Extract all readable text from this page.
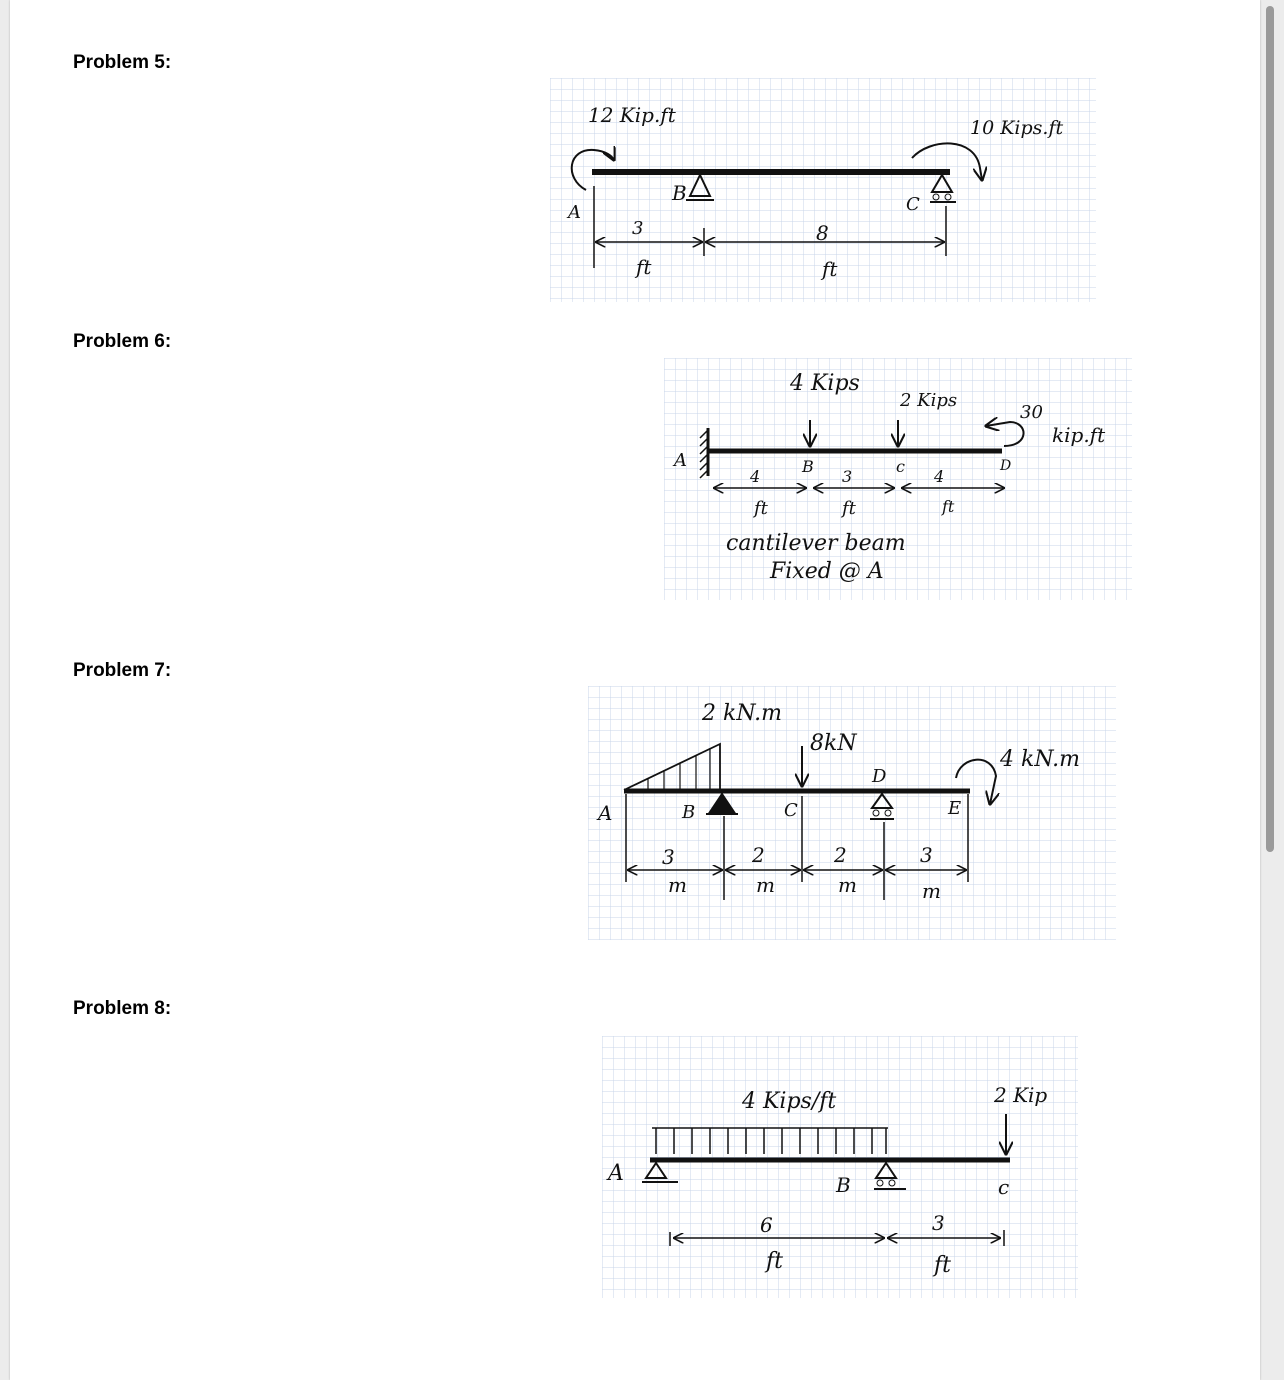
Problem 5:
Problem 6:
Problem 7:
Problem 8:
12 Kip.ft
10 Kips.ft
A
B	C
3
ft
8
ft
4 Kips
2 Kips
30
kip.ft
A	B	c	D
4
ft
3
ft
4
ft
cantilever beam
Fixed @ A
2 kN.m
8kN
4 kN.m
A	B	C
D
E
3
m
2
m
2
m
3
m
4 Kips/ft	2 Kip
A	B	c
6
ft
3
ft
